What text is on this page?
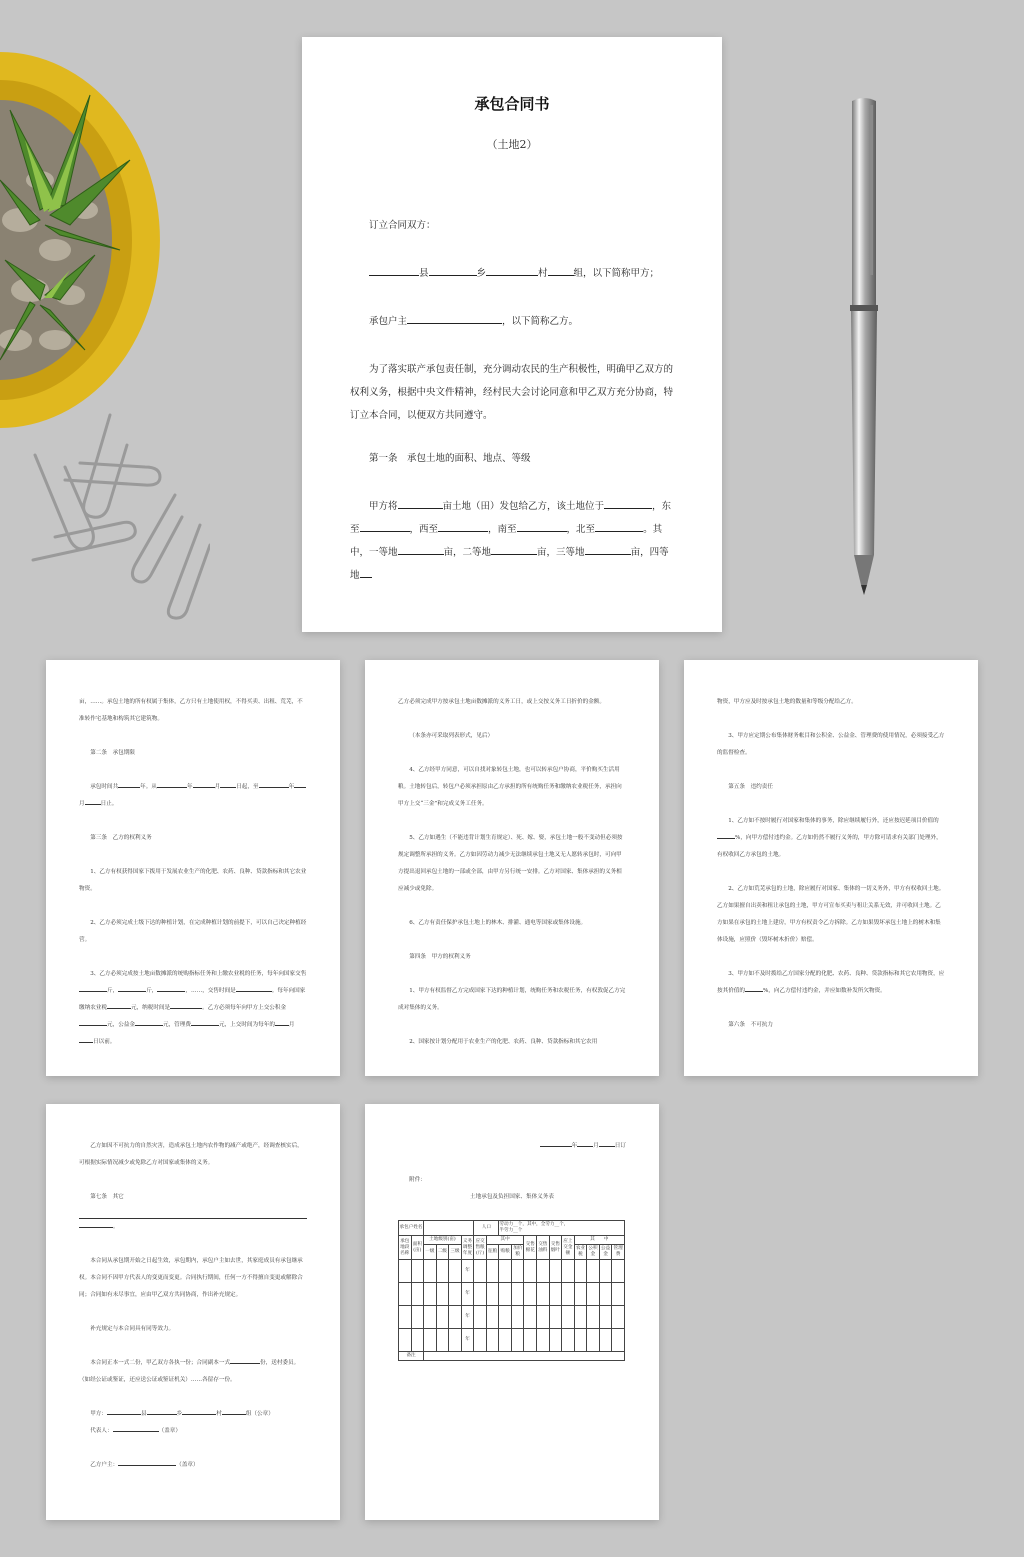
承包合同书
（土地2）

订立合同双方：

县	乡	村	组，以下简称甲方；

承包户主	，以下简称乙方。

为了落实联产承包责任制，充分调动农民的生产积极性，明确甲乙双方的权利义务，根据中央文件精神，经村民大会讨论同意和甲乙双方充分协商，特订立本合同，以便双方共同遵守。

第一条　承包土地的面积、地点、等级

甲方将	亩土地（田）发包给乙方，该土地位于	，东至	，西至	，南至	，北至	。其中，一等地	亩，二等地	亩，三等地	亩，四等地

亩，……。承包土地的所有权属于集体，乙方只有土地使用权，不得买卖、出租、荒芜，不准转作宅基地和构筑其它建筑物。

第二条　承包期限

承包时间共	年。从	年	月	日起，至	年月	日止。

第三条　乙方的权利义务

1、乙方有权获得国家下拨用于发展农业生产的化肥、农药、良种、贷款指标和其它农业物资。

2、乙方必须完成土级下达的种植计划，在完成种植计划的前提下，可以自己决定种植经营。

3、乙方必须完成按土地亩数摊派的统购指标任务和上缴农业税的任务，每年向国家交售斤，	斤，	，……，交售时间是	。每年向国家缴纳农业税	元，纳税时间是	。乙方必须每年向甲方上交公积金元，公益金	元，管理费	元，上交时间为每年的	月日以前。

乙方必须完成甲方按承包土地亩数摊派的义务工日，或上交按义务工日折价的金额。

（本条亦可采取列表形式，见后）

4、乙方经甲方同意，可以自找对象转包土地，也可以转承包户协商，平价购买生活用粮。土地转包后，转包户必须承担原由乙方承担的所有统购任务和缴纳农业税任务，承担向甲方上交“三金”和完成义务工任务。

5、乙方如遇生（不能违背计划生育规定）、死、嫁、娶，承包土地一般不变动但必须按规定调整所承担的义务。乙方如因劳动力减少无法继续承包土地又无人愿转承包时，可向甲方提出退回承包土地的一部或全部，由甲方另行统一安排。乙方对国家、集体承担的义务相应减少或免除。

6、乙方有责任保护承包土地上的林木、排灌、通电等国家或集体设施。

第四条　甲方的权利义务

1、甲方有权监督乙方完成国家下达的种植计划，统购任务和农税任务，有权敦促乙方完成对集体的义务。

2、国家按计划分配用于农业生产的化肥、农药、良种、贷款指标和其它农用

物资，甲方应及时按承包土地的数量和等级分配给乙方。

3、甲方应定期公布集体财务帐目和公积金、公益金、管理费的使用情况，必须接受乙方的监督检查。

第五条　违约责任

1、乙方如不按时履行对国家和集体的事务，除应继续履行外，还应按迟延项目价值的%，向甲方偿付违约金。乙方如仍然不履行义务的，甲方除可请求有关部门处理外，有权收回乙方承包的土地。

2、乙方如荒芜承包的土地，除应履行对国家、集体的一切义务外，甲方有权收回土地。乙方如果擅自出卖和租让承包的土地，甲方可宣布买卖与租让关系无效，并可收回土地。乙方如果在承包的土地上建房，甲方有权责令乙方拆除。乙方如果毁坏承包土地上的树木和集体设施，应照价（毁坏树木折价）赔偿。

3、甲方如不及时拨给乙方国家分配的化肥、农药、良种、贷款指标和其它农用物资，应按其价值的	%，向乙方偿付违约金，并应如数补发所欠物资。

第六条　不可抗力

乙方如因不可抗力的自然灾害，造成承包土地内农作物的减产或绝产，经调查核实后，可根据实际情况减少或免除乙方对国家或集体的义务。

第七条　其它

。

本合同从承包期开始之日起生效，承包期内，承包户主如去世，其家庭成员有承包继承权。本合同不因甲方代表人的变更而变更。合同执行期间，任何一方不得擅自变更或解除合同；合同如有未尽事宜，应由甲乙双方共同协商，作出补充规定。

补充规定与本合同具有同等效力。

本合同正本一式二份，甲乙双方各执一份；合同副本一式	份，送村委员。（如经公证或鉴证，还应送公证或鉴证机关）……各留存一份。

甲方：	县	乡	村	组（公章）

代表人：	（盖章）

乙方户主：	（盖章）

年	月	日订

附件：

土地承包及负担国家、集体义务表

承包户姓名						人口		劳动力__个，其中，全劳力__个，
半劳力__个									
承包地段名称	面积(亩)	土地级别(亩)			义务调整年度	应交售粮(斤)	其中			交售棉花	交售油料	交售烟叶	应上交金额	其　　中			
		一级	二级	三级			征粮	购粮	加价粮					农业税	公积金	公益金	管理费
					年												
					年												
					年												
					年												
备注																	
